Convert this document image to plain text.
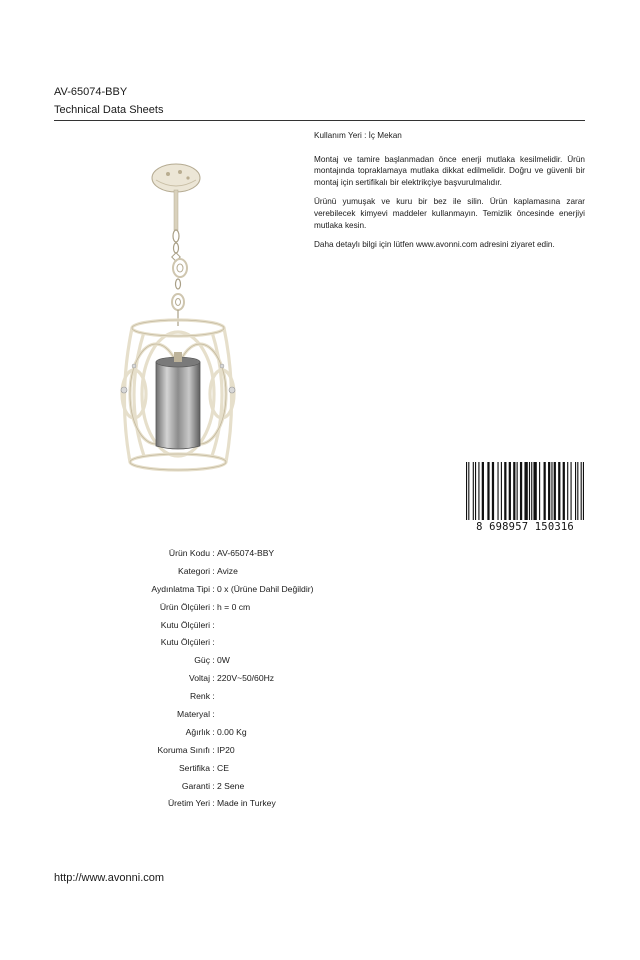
AV-65074-BBY
Technical Data Sheets

Kullanım Yeri : İç Mekan

Montaj ve tamire başlanmadan önce enerji mutlaka kesilmelidir. Ürün montajında topraklamaya mutlaka dikkat edilmelidir. Doğru ve güvenli bir montaj için sertifikalı bir elektrikçiye başvurulmalıdır.

Ürünü yumuşak ve kuru bir bez ile silin. Ürün kaplamasına zarar verebilecek kimyevi maddeler kullanmayın. Temizlik öncesinde enerjiyi mutlaka kesin.

Daha detaylı bilgi için lütfen www.avonni.com adresini ziyaret edin.

8 698957 150316
Ürün Kodu : AV-65074-BBY
Kategori : Avize
Aydınlatma Tipi : 0 x (Ürüne Dahil Değildir)
Ürün Ölçüleri : h = 0 cm
Kutu Ölçüleri :
Kutu Ölçüleri :
Güç : 0W
Voltaj : 220V~50/60Hz
Renk :
Materyal :
Ağırlık : 0.00 Kg
Koruma Sınıfı : IP20
Sertifika : CE
Garanti : 2 Sene
Üretim Yeri : Made in Turkey
http://www.avonni.com
